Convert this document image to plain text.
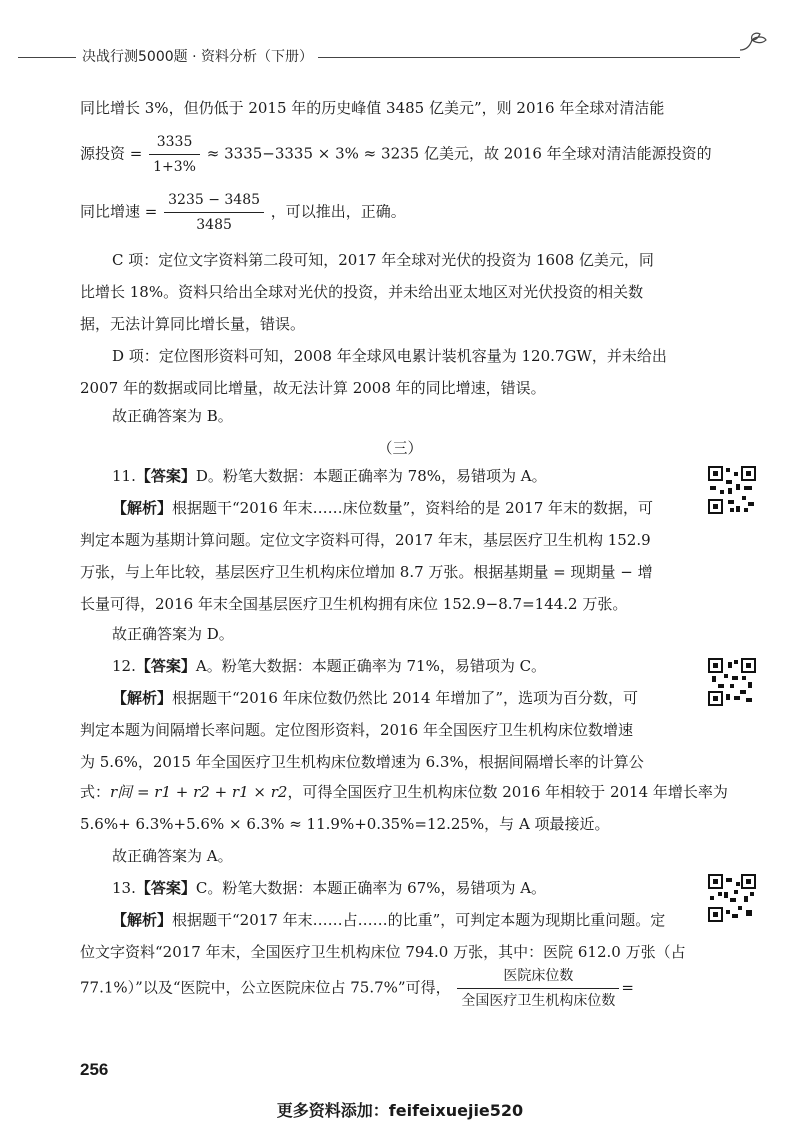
决战行测5000题 · 资料分析（下册）
同比增长 3%，但仍低于 2015 年的历史峰值 3485 亿美元”，则 2016 年全球对清洁能
源投资 = $\frac{3335}{1+3\%} \approx 3335-3335 \times 3\% \approx 3235$ 亿美元，故 2016 年全球对清洁能源投资的
同比增速 = $\frac{3235 - 3485}{3485}$ ，可以推出，正确。
C 项：定位文字资料第二段可知，2017 年全球对光伏的投资为 1608 亿美元，同
比增长 18%。资料只给出全球对光伏的投资，并未给出亚太地区对光伏投资的相关数
据，无法计算同比增长量，错误。
D 项：定位图形资料可知，2008 年全球风电累计装机容量为 120.7GW，并未给出
2007 年的数据或同比增量，故无法计算 2008 年的同比增速，错误。
故正确答案为 B。
（三）
11.【答案】D。粉笔大数据：本题正确率为 78%，易错项为 A。
【解析】根据题干“2016 年末……床位数量”，资料给的是 2017 年末的数据，可
判定本题为基期计算问题。定位文字资料可得，2017 年末，基层医疗卫生机构 152.9
万张，与上年比较，基层医疗卫生机构床位增加 8.7 万张。根据基期量 = 现期量 − 增
长量可得，2016 年末全国基层医疗卫生机构拥有床位 152.9−8.7=144.2 万张。
故正确答案为 D。
12.【答案】A。粉笔大数据：本题正确率为 71%，易错项为 C。
【解析】根据题干“2016 年床位数仍然比 2014 年增加了”，选项为百分数，可
判定本题为间隔增长率问题。定位图形资料，2016 年全国医疗卫生机构床位数增速
为 5.6%，2015 年全国医疗卫生机构床位数增速为 6.3%，根据间隔增长率的计算公
式：r间 = r1 + r2 + r1 × r2，可得全国医疗卫生机构床位数 2016 年相较于 2014 年增长率为
5.6%+ 6.3%+5.6% × 6.3% ≈ 11.9%+0.35%=12.25%，与 A 项最接近。
故正确答案为 A。
13.【答案】C。粉笔大数据：本题正确率为 67%，易错项为 A。
【解析】根据题干“2017 年末……占……的比重”，可判定本题为现期比重问题。定
位文字资料“2017 年末，全国医疗卫生机构床位 794.0 万张，其中：医院 612.0 万张（占
77.1%）”以及“医院中，公立医院床位占 75.7%”可得， $\frac{\text{医院床位数}}{\text{全国医疗卫生机构床位数}}$ =
256
更多资料添加：feifeixuejie520
